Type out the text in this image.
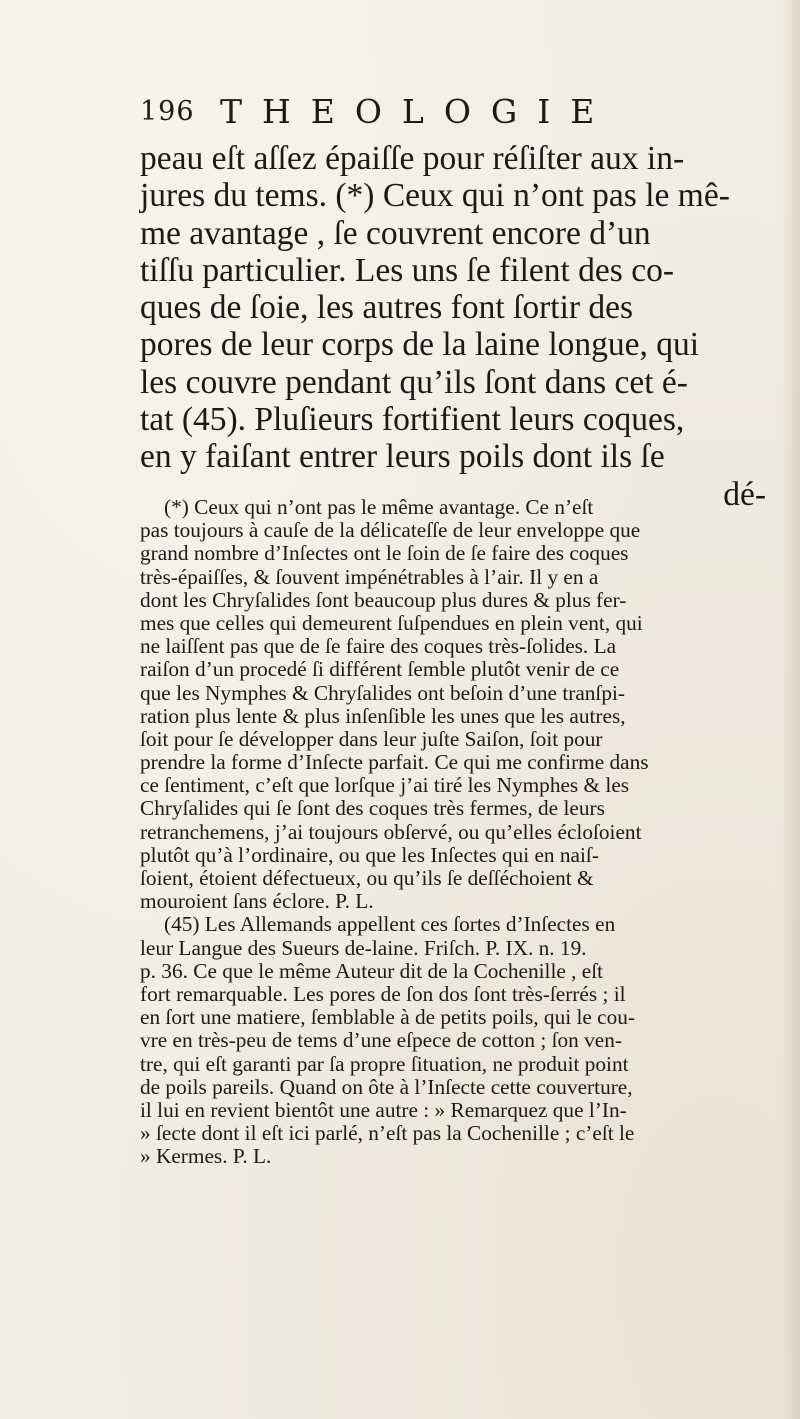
196 THEOLOGIE
peau eſt aſſez épaiſſe pour réſiſter aux in-
jures du tems. (*) Ceux qui n’ont pas le mê-
me avantage , ſe couvrent encore d’un
tiſſu particulier. Les uns ſe filent des co-
ques de ſoie, les autres font ſortir des
pores de leur corps de la laine longue, qui
les couvre pendant qu’ils ſont dans cet é-
tat (45). Pluſieurs fortifient leurs coques,
en y faiſant entrer leurs poils dont ils ſe
dé-
(*) Ceux qui n’ont pas le même avantage. Ce n’eſt
pas toujours à cauſe de la délicateſſe de leur enveloppe que
grand nombre d’Inſectes ont le ſoin de ſe faire des coques
très-épaiſſes, & ſouvent impénétrables à l’air. Il y en a
dont les Chryſalides ſont beaucoup plus dures & plus fer-
mes que celles qui demeurent ſuſpendues en plein vent, qui
ne laiſſent pas que de ſe faire des coques très-ſolides. La
raiſon d’un procedé ſi différent ſemble plutôt venir de ce
que les Nymphes & Chryſalides ont beſoin d’une tranſpi-
ration plus lente & plus inſenſible les unes que les autres,
ſoit pour ſe développer dans leur juſte Saiſon, ſoit pour
prendre la forme d’Inſecte parfait. Ce qui me confirme dans
ce ſentiment, c’eſt que lorſque j’ai tiré les Nymphes & les
Chryſalides qui ſe ſont des coques très fermes, de leurs
retranchemens, j’ai toujours obſervé, ou qu’elles écloſoient
plutôt qu’à l’ordinaire, ou que les Inſectes qui en naiſ-
ſoient, étoient défectueux, ou qu’ils ſe deſſéchoient &
mouroient ſans éclore. P. L.
(45) Les Allemands appellent ces ſortes d’Inſectes en
leur Langue des Sueurs de-laine. Friſch. P. IX. n. 19.
p. 36. Ce que le même Auteur dit de la Cochenille , eſt
fort remarquable. Les pores de ſon dos ſont très-ſerrés ; il
en ſort une matiere, ſemblable à de petits poils, qui le cou-
vre en très-peu de tems d’une eſpece de cotton ; ſon ven-
tre, qui eſt garanti par ſa propre ſituation, ne produit point
de poils pareils. Quand on ôte à l’Inſecte cette couverture,
il lui en revient bientôt une autre : » Remarquez que l’In-
» ſecte dont il eſt ici parlé, n’eſt pas la Cochenille ; c’eſt le
» Kermes. P. L.
